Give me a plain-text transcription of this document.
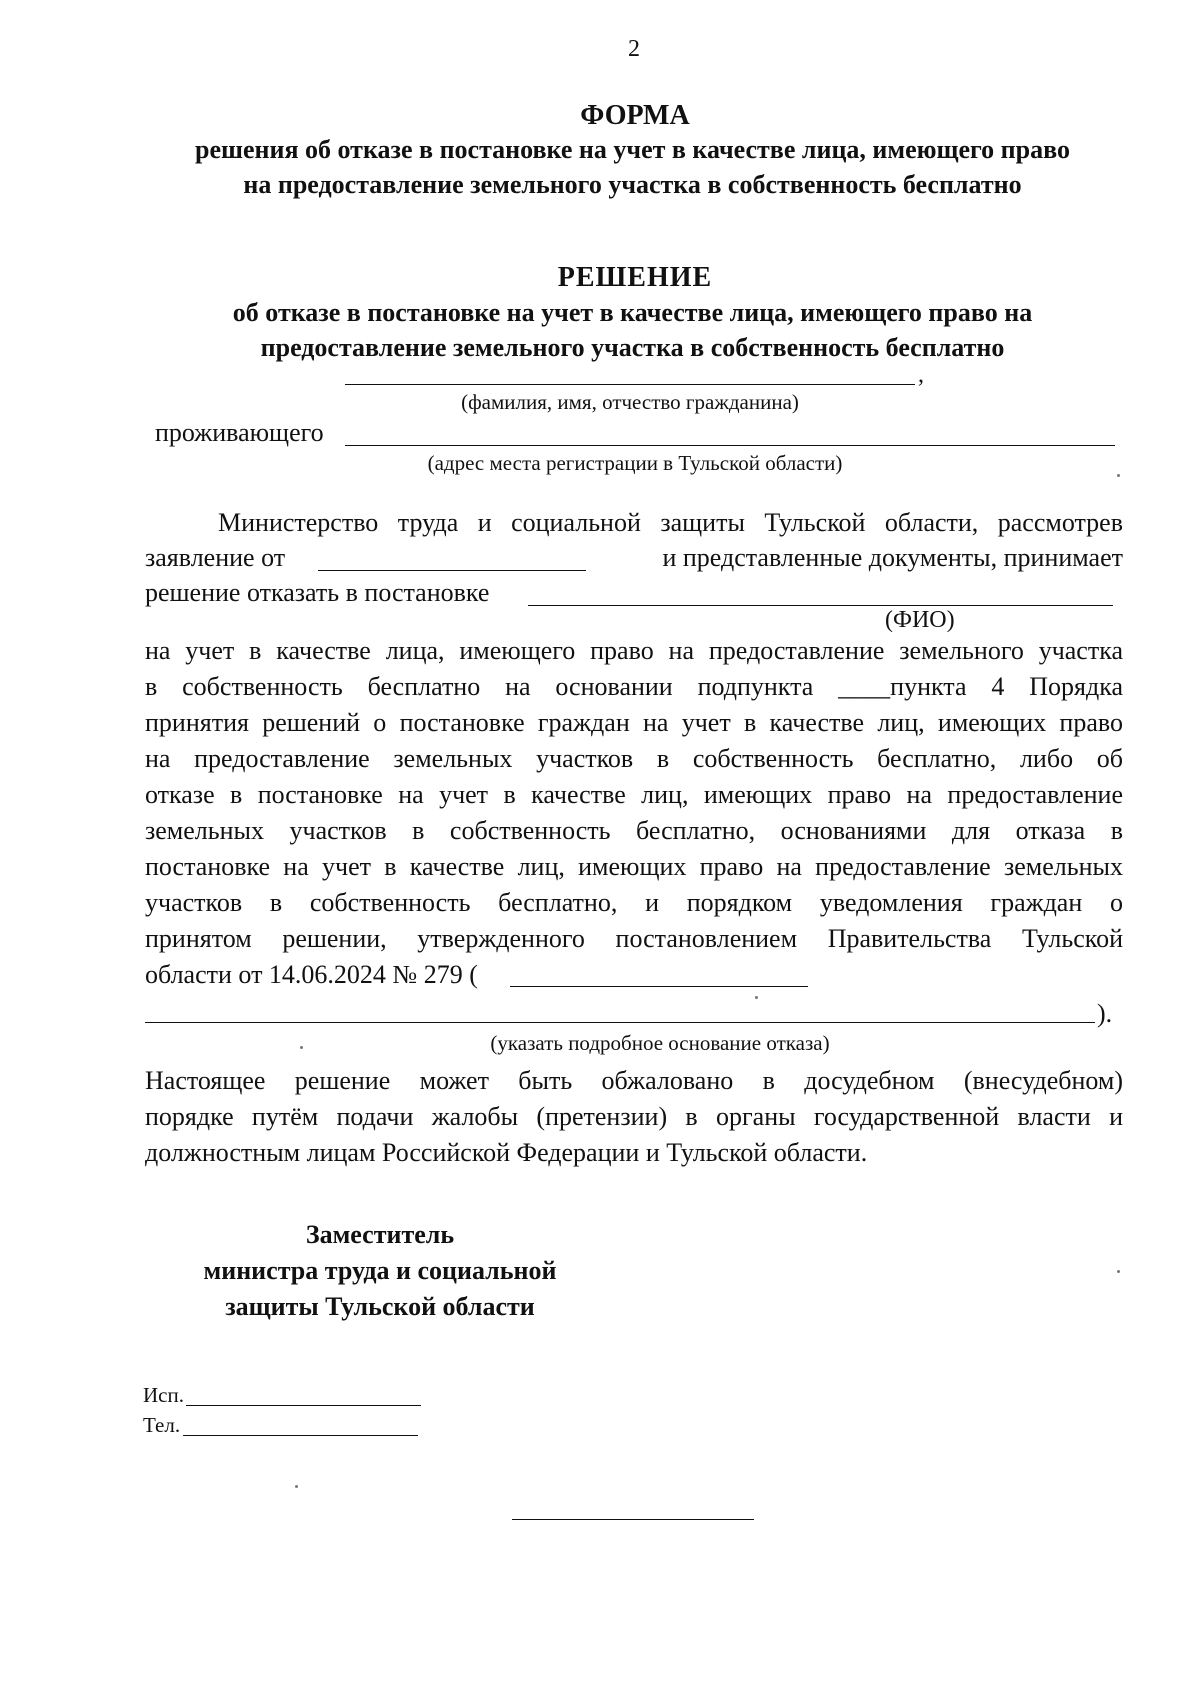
2
ФОРМА
решения об отказе в постановке на учет в качестве лица, имеющего право
на предоставление земельного участка в собственность бесплатно
РЕШЕНИЕ
об отказе в постановке на учет в качестве лица, имеющего право на
предоставление земельного участка в собственность бесплатно
,
(фамилия, имя, отчество гражданина)
проживающего
(адрес места регистрации в Тульской области)
Министерство труда и социальной защиты Тульской области, рассмотрев
заявление от	и представленные документы, принимает
решение отказать в постановке
(ФИО)
на учет в качестве лица, имеющего право на предоставление земельного участка
в собственность бесплатно на основании подпункта ____пункта 4 Порядка
принятия решений о постановке граждан на учет в качестве лиц, имеющих право
на предоставление земельных участков в собственность бесплатно, либо об
отказе в постановке на учет в качестве лиц, имеющих право на предоставление
земельных участков в собственность бесплатно, основаниями для отказа в
постановке на учет в качестве лиц, имеющих право на предоставление земельных
участков в собственность бесплатно, и порядком уведомления граждан о
принятом решении, утвержденного постановлением Правительства Тульской
области от 14.06.2024 № 279 (
).
(указать подробное основание отказа)
Настоящее решение может быть обжаловано в досудебном (внесудебном)
порядке путём подачи жалобы (претензии) в органы государственной власти и
должностным лицам Российской Федерации и Тульской области.
Заместитель
министра труда и социальной
защиты Тульской области
Исп.
Тел.
